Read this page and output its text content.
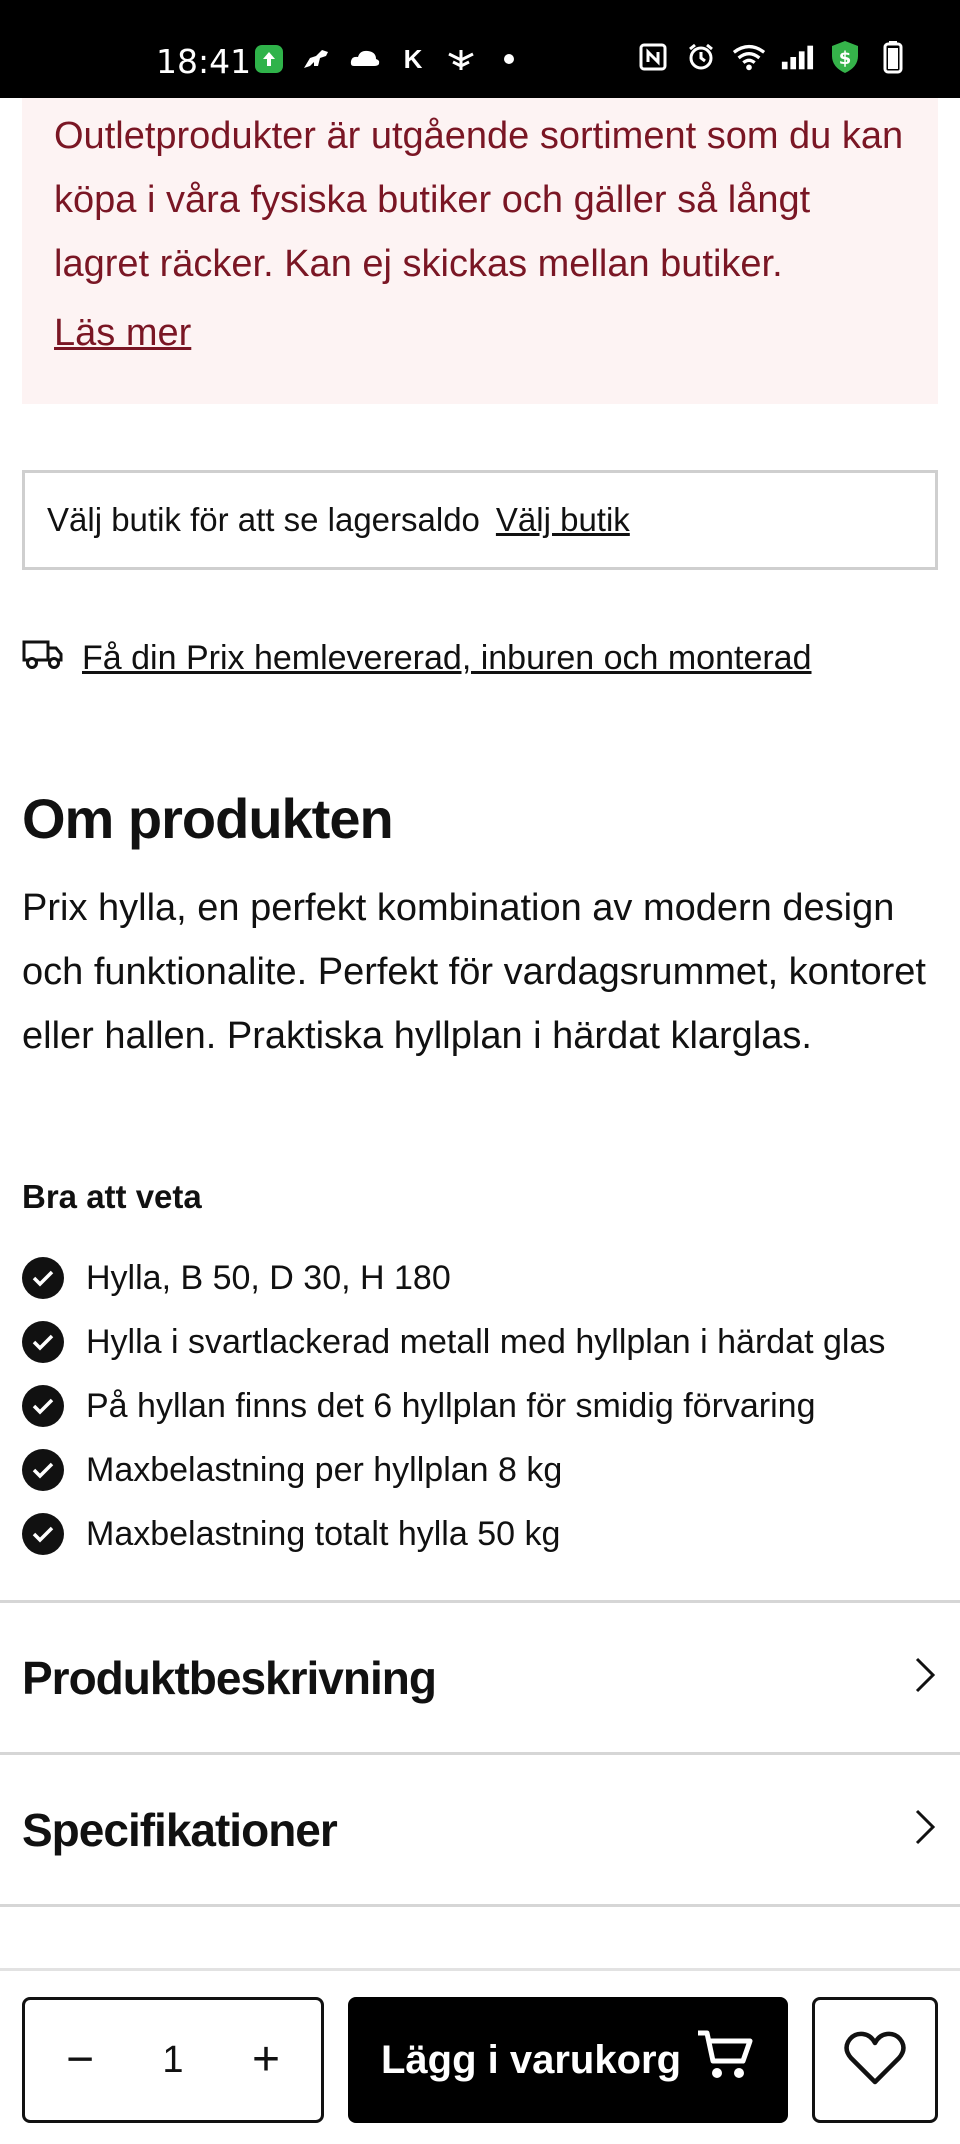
18:41	K	$

Outletprodukter är utgående sortiment som du kan köpa i våra fysiska butiker och gäller så långt lagret räcker. Kan ej skickas mellan butiker.

Läs mer
Välj butik för att se lagersaldo Välj butik
Få din Prix hemlevererad, inburen och monterad
Om produkten

Prix hylla, en perfekt kombination av modern design och funktionalite. Perfekt för vardagsrummet, kontoret eller hallen. Praktiska hyllplan i härdat klarglas.

Bra att veta
Hylla, B 50, D 30, H 180
Hylla i svartlackerad metall med hyllplan i härdat glas
På hyllan finns det 6 hyllplan för smidig förvaring
Maxbelastning per hyllplan 8 kg
Maxbelastning totalt hylla 50 kg
Produktbeskrivning
Specifikationer
− 1 +	Lägg i varukorg
